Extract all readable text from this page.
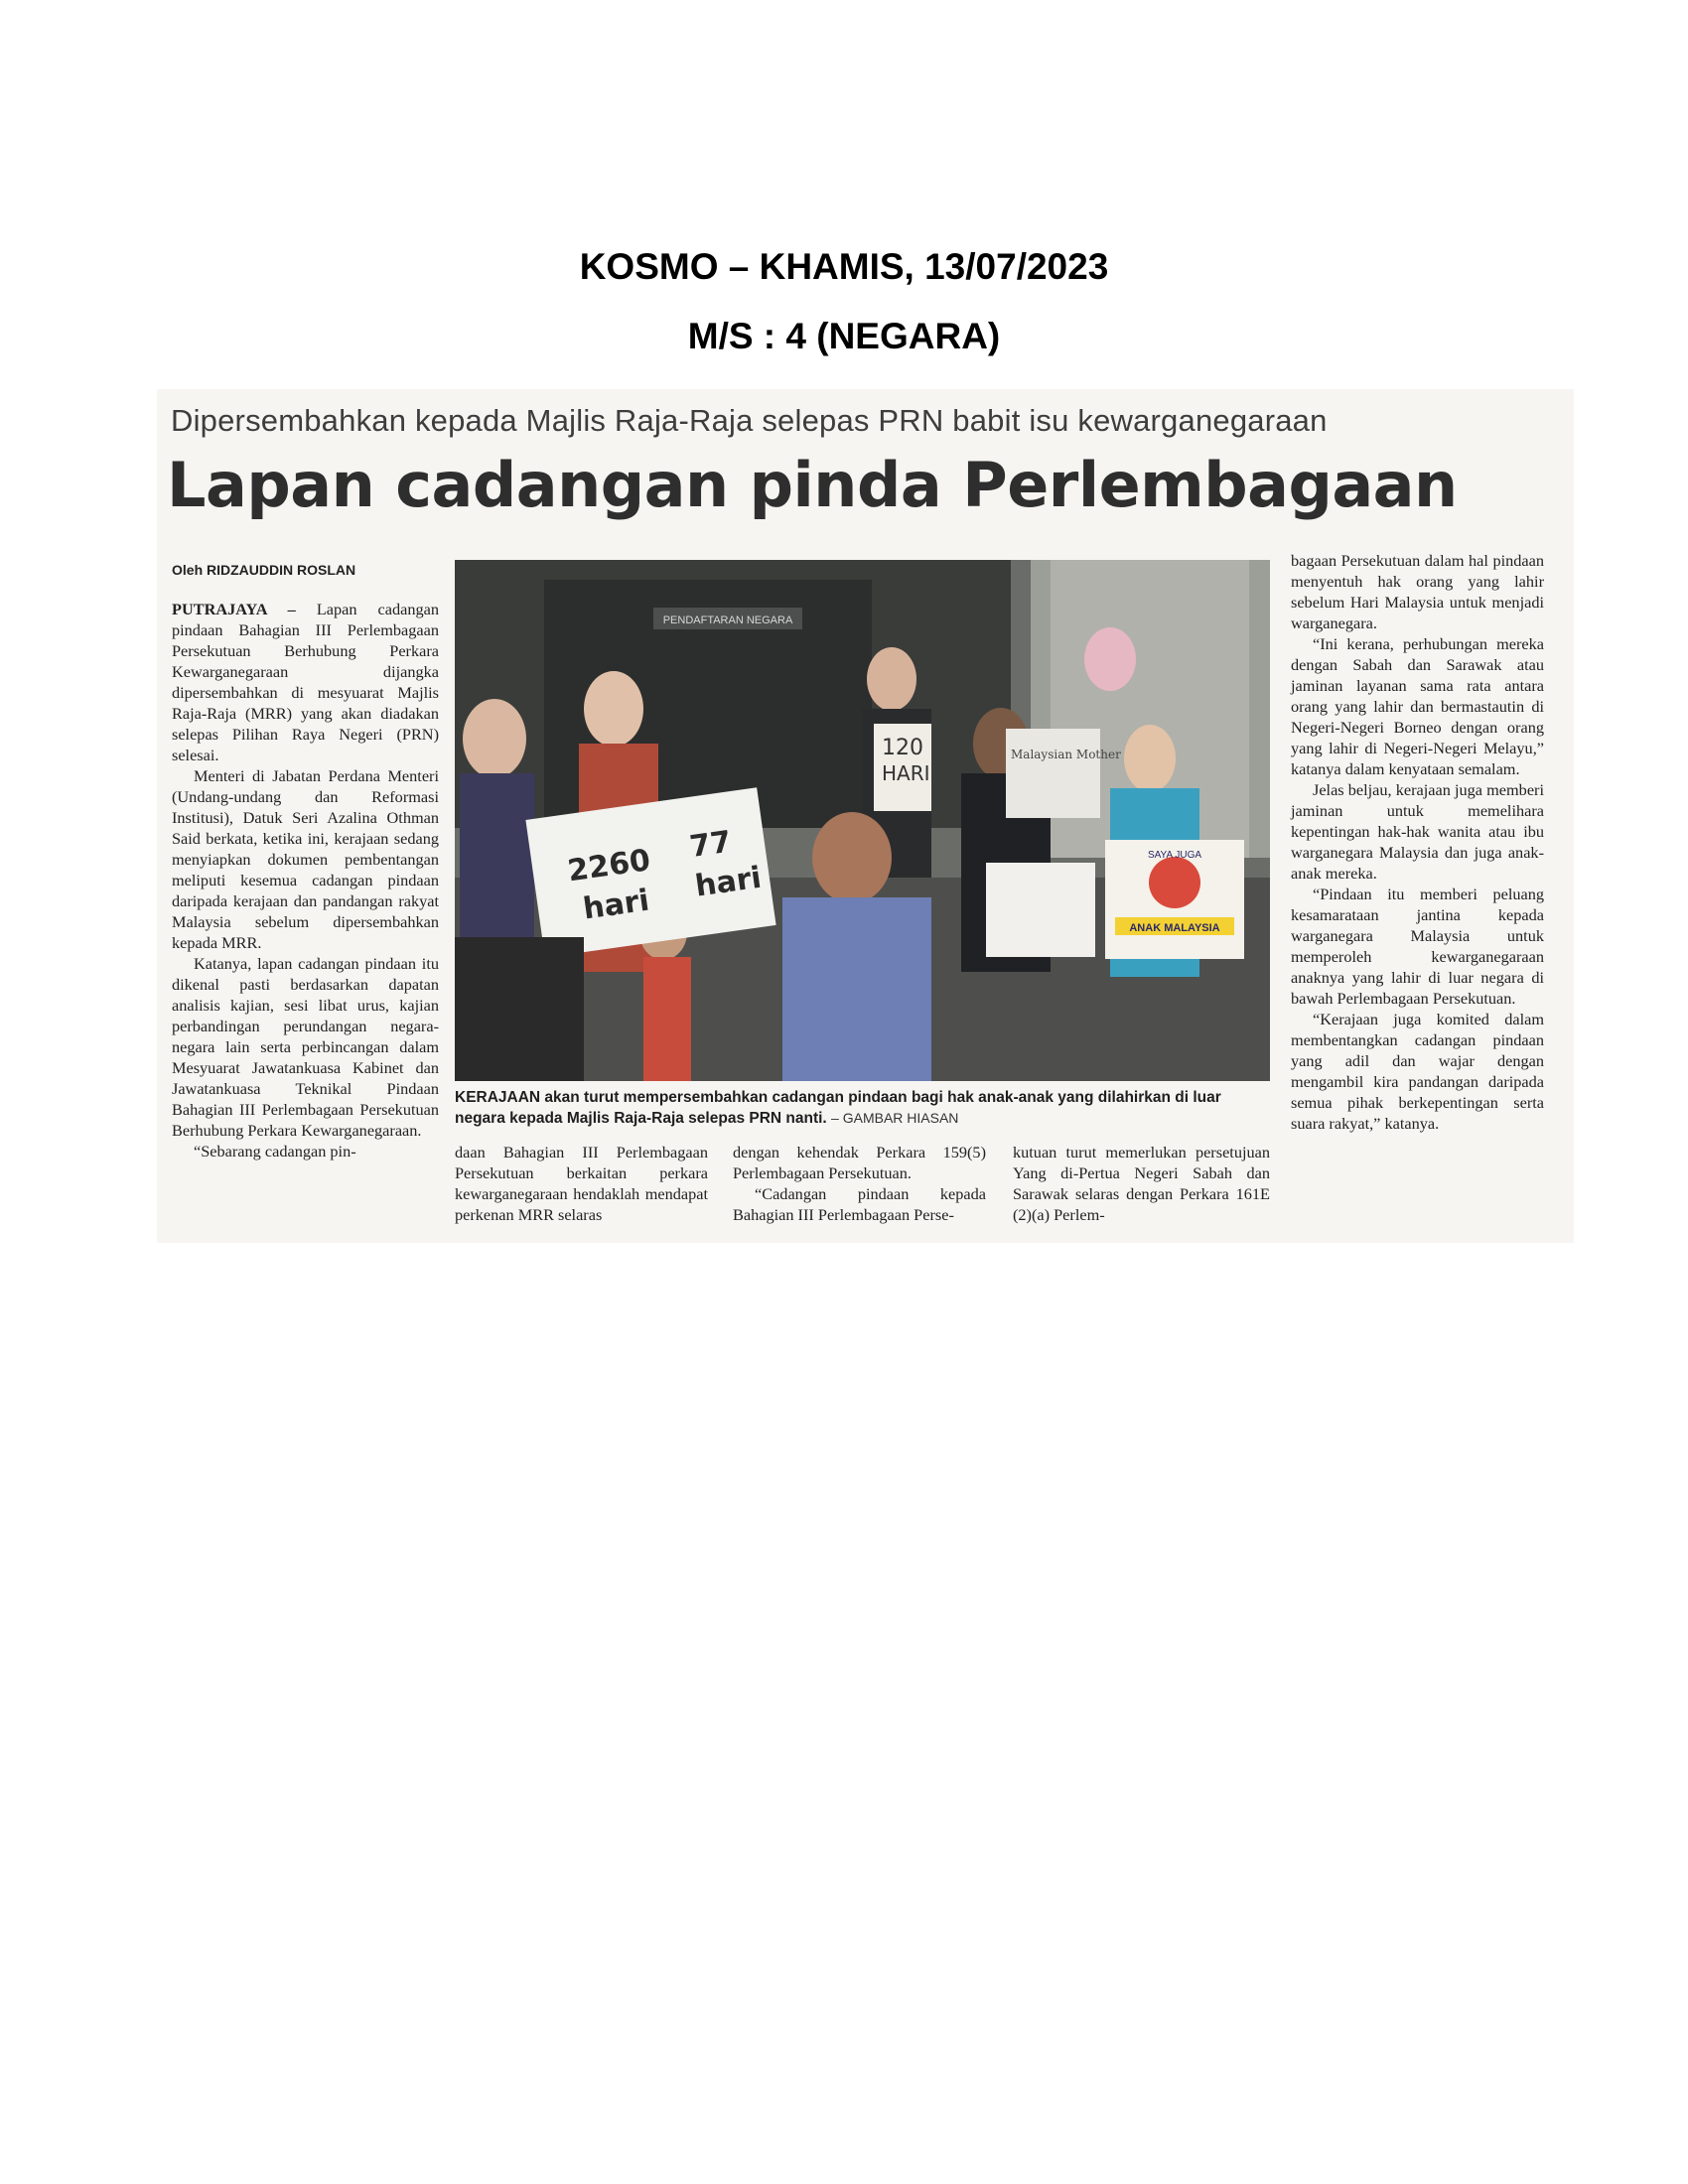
KOSMO – KHAMIS, 13/07/2023
M/S : 4 (NEGARA)
Dipersembahkan kepada Majlis Raja-Raja selepas PRN babit isu kewarganegaraan
Lapan cadangan pinda Perlembagaan

Oleh RIDZAUDDIN ROSLAN

PUTRAJAYA – Lapan cadangan pindaan Bahagian III Perlembagaan Persekutuan Berhubung Perkara Kewarganegaraan dijangka dipersembahkan di mesyuarat Majlis Raja-Raja (MRR) yang akan diadakan selepas Pilihan Raya Negeri (PRN) selesai.

Menteri di Jabatan Perdana Menteri (Undang-undang dan Reformasi Institusi), Datuk Seri Azalina Othman Said berkata, ketika ini, kerajaan sedang menyiapkan dokumen pembentangan meliputi kesemua cadangan pindaan daripada kerajaan dan pandangan rakyat Malaysia sebelum dipersembahkan kepada MRR.

Katanya, lapan cadangan pindaan itu dikenal pasti berdasarkan dapatan analisis kajian, sesi libat urus, kajian perbandingan perundangan negara-negara lain serta perbincangan dalam Mesyuarat Jawatankuasa Kabinet dan Jawatankuasa Teknikal Pindaan Bahagian III Perlembagaan Persekutuan Berhubung Perkara Kewarganegaraan.

“Sebarang cadangan pin-

PENDAFTARAN NEGARA
2260 77
hari
hari
120
HARI
Malaysian Mother
SAYA JUGA
ANAK MALAYSIA
KERAJAAN akan turut mempersembahkan cadangan pindaan bagi hak anak-anak yang dilahirkan di luar negara kepada Majlis Raja-Raja selepas PRN nanti. – GAMBAR HIASAN

daan Bahagian III Perlembagaan Persekutuan berkaitan perkara kewarganegaraan hendaklah mendapat perkenan MRR selaras

dengan kehendak Perkara 159(5) Perlembagaan Persekutuan.

“Cadangan pindaan kepada Bahagian III Perlembagaan Perse-

kutuan turut memerlukan persetujuan Yang di-Pertua Negeri Sabah dan Sarawak selaras dengan Perkara 161E (2)(a) Perlem-

bagaan Persekutuan dalam hal pindaan menyentuh hak orang yang lahir sebelum Hari Malaysia untuk menjadi warganegara.

“Ini kerana, perhubungan mereka dengan Sabah dan Sarawak atau jaminan layanan sama rata antara orang yang lahir dan bermastautin di Negeri-Negeri Borneo dengan orang yang lahir di Negeri-Negeri Melayu,” katanya dalam kenyataan semalam.

Jelas beljau, kerajaan juga memberi jaminan untuk memelihara kepentingan hak-hak wanita atau ibu warganegara Malaysia dan juga anak-anak mereka.

“Pindaan itu memberi peluang kesamarataan jantina kepada warganegara Malaysia untuk memperoleh kewarganegaraan anaknya yang lahir di luar negara di bawah Perlembagaan Persekutuan.

“Kerajaan juga komited dalam membentangkan cadangan pindaan yang adil dan wajar dengan mengambil kira pandangan daripada semua pihak berkepentingan serta suara rakyat,” katanya.
